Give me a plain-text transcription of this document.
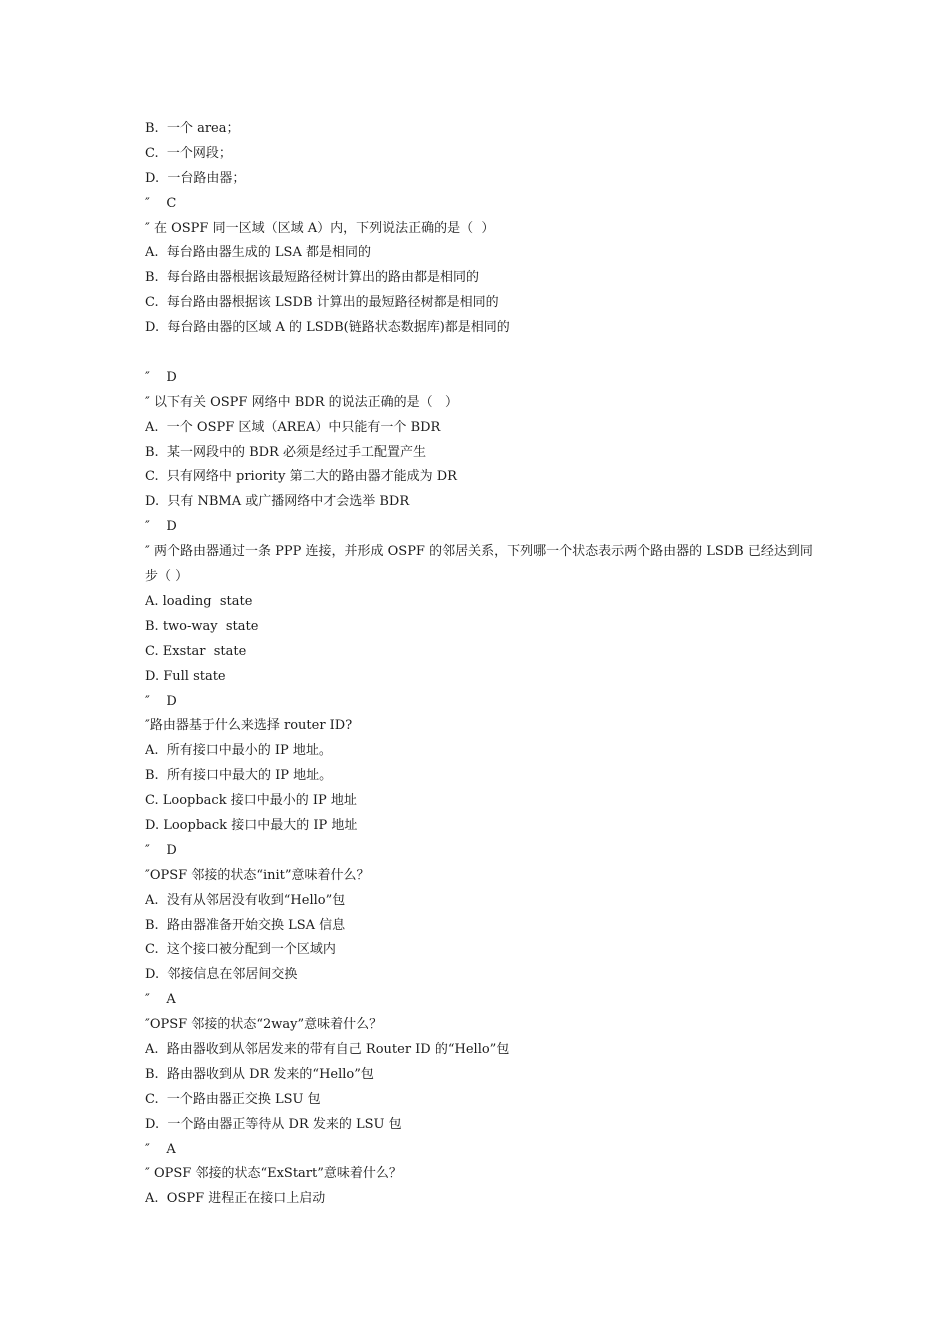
B.  一个 area；
C.  一个网段；
D.  一台路由器；
″    C
″ 在 OSPF 同一区域（区域 A）内，下列说法正确的是（  ）
A.  每台路由器生成的 LSA 都是相同的
B.  每台路由器根据该最短路径树计算出的路由都是相同的
C.  每台路由器根据该 LSDB 计算出的最短路径树都是相同的
D.  每台路由器的区域 A 的 LSDB(链路状态数据库)都是相同的
″    D
″ 以下有关 OSPF 网络中 BDR 的说法正确的是（   ）
A.  一个 OSPF 区域（AREA）中只能有一个 BDR
B.  某一网段中的 BDR 必须是经过手工配置产生
C.  只有网络中 priority 第二大的路由器才能成为 DR
D.  只有 NBMA 或广播网络中才会选举 BDR
″    D
″ 两个路由器通过一条 PPP 连接，并形成 OSPF 的邻居关系，下列哪一个状态表示两个路由器的 LSDB 已经达到同步（ ）
A. loading  state
B. two-way  state
C. Exstar  state
D. Full state
″    D
″路由器基于什么来选择 router ID?
A.  所有接口中最小的 IP 地址。
B.  所有接口中最大的 IP 地址。
C. Loopback 接口中最小的 IP 地址
D. Loopback 接口中最大的 IP 地址
″    D
″OPSF 邻接的状态“init”意味着什么？
A.  没有从邻居没有收到“Hello”包
B.  路由器准备开始交换 LSA 信息
C.  这个接口被分配到一个区域内
D.  邻接信息在邻居间交换
″    A
″OPSF 邻接的状态“2way”意味着什么？
A.  路由器收到从邻居发来的带有自己 Router ID 的“Hello”包
B.  路由器收到从 DR 发来的“Hello”包
C.  一个路由器正交换 LSU 包
D.  一个路由器正等待从 DR 发来的 LSU 包
″    A
″ OPSF 邻接的状态“ExStart”意味着什么？
A.  OSPF 进程正在接口上启动
